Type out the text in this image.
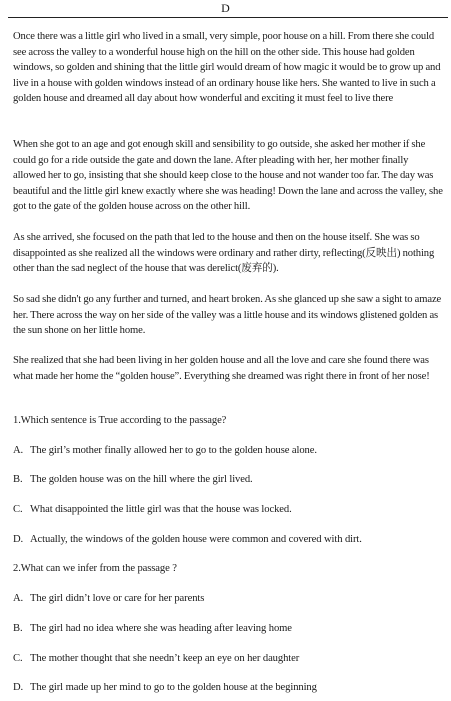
D

Once there was a little girl who lived in a small, very simple, poor house on a hill. From there she could see across the valley to a wonderful house high on the hill on the other side. This house had golden windows, so golden and shining that the little girl would dream of how magic it would be to grow up and live in a house with golden windows instead of an ordinary house like hers. She wanted to live in such a golden house and dreamed all day about how wonderful and exciting it must feel to live there

When she got to an age and got enough skill and sensibility to go outside, she asked her mother if she could go for a ride outside the gate and down the lane. After pleading with her, her mother finally allowed her to go, insisting that she should keep close to the house and not wander too far. The day was beautiful and the little girl knew exactly where she was heading! Down the lane and across the valley, she got to the gate of the golden house across on the other hill.

As she arrived, she focused on the path that led to the house and then on the house itself. She was so disappointed as she realized all the windows were ordinary and rather dirty, reflecting(反映出) nothing other than the sad neglect of the house that was derelict(废弃的).

So sad she didn't go any further and turned, and heart broken. As she glanced up she saw a sight to amaze her. There across the way on her side of the valley was a little house and its windows glistened golden as the sun shone on her little home.

She realized that she had been living in her golden house and all the love and care she found there was what made her home the “golden house”. Everything she dreamed was right there in front of her nose!

1.Which sentence is True according to the passage?
A. The girl’s mother finally allowed her to go to the golden house alone.
B. The golden house was on the hill where the girl lived.
C. What disappointed the little girl was that the house was locked.
D. Actually, the windows of the golden house were common and covered with dirt.
2.What can we infer from the passage ?
A. The girl didn’t love or care for her parents
B. The girl had no idea where she was heading after leaving home
C. The mother thought that she needn’t keep an eye on her daughter
D. The girl made up her mind to go to the golden house at the beginning
